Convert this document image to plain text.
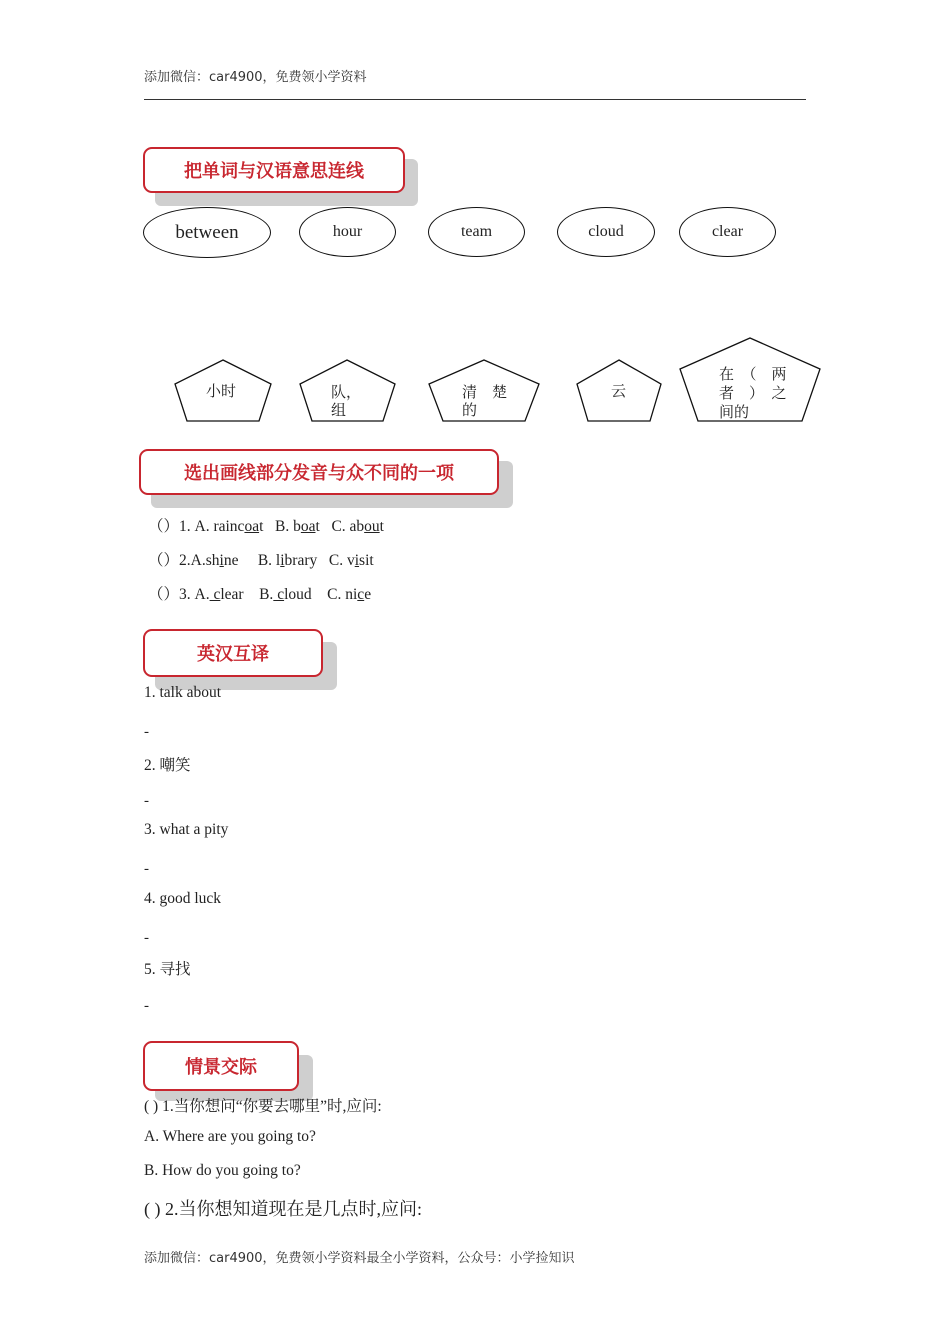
添加微信：car4900，免费领小学资料
把单词与汉语意思连线
between	hour	team	cloud	clear
小时	队，
组
清　楚
的
云
在　（　两
者　）　之
间的
选出画线部分发音与众不同的一项
（）1. A. raincoat B. boat C. about
（）2.A.shine B. library C. visit
（）3. A. clear B. cloud C. nice
英汉互译
1. talk about
-
2. 嘲笑
-
3. what a pity
-
4. good luck
-
5. 寻找
-
情景交际
( ) 1.当你想问“你要去哪里”时,应问:
A. Where are you going to?
B. How do you going to?
( ) 2.当你想知道现在是几点时,应问:
添加微信：car4900，免费领小学资料最全小学资料，公众号：小学捡知识
